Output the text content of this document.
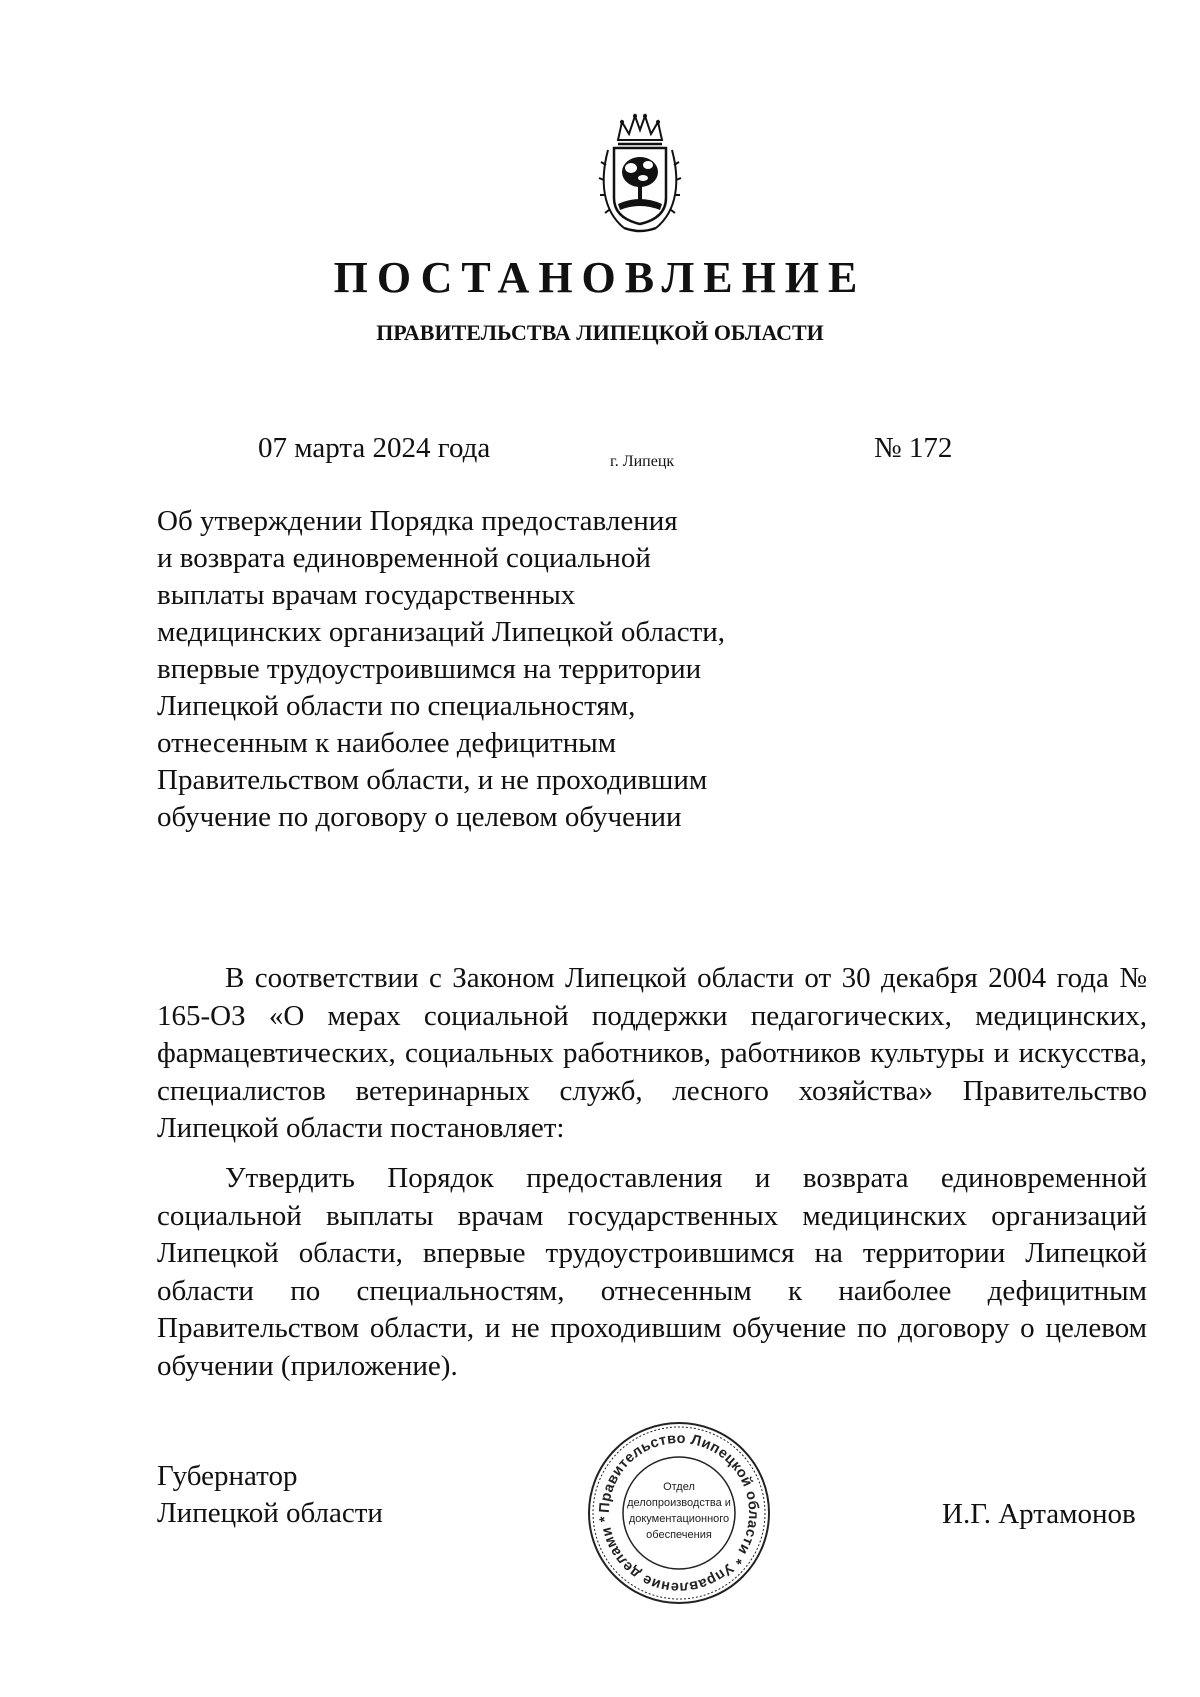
ПОСТАНОВЛЕНИЕ
ПРАВИТЕЛЬСТВА ЛИПЕЦКОЙ ОБЛАСТИ
07 марта 2024 года	г. Липецк	№ 172
Об утверждении Порядка предоставления
и возврата единовременной социальной
выплаты врачам государственных
медицинских организаций Липецкой области,
впервые трудоустроившимся на территории
Липецкой области по специальностям,
отнесенным к наиболее дефицитным
Правительством области, и не проходившим
обучение по договору о целевом обучении

В соответствии с Законом Липецкой области от 30 декабря 2004 года № 165-ОЗ «О мерах социальной поддержки педагогических, медицинских, фармацевтических, социальных работников, работников культуры и искусства, специалистов ветеринарных служб, лесного хозяйства» Правительство Липецкой области постановляет:

Утвердить Порядок предоставления и возврата единовременной социальной выплаты врачам государственных медицинских организаций Липецкой области, впервые трудоустроившимся на территории Липецкой области по специальностям, отнесенным к наиболее дефицитным Правительством области, и не проходившим обучение по договору о целевом обучении (приложение).

Губернатор
Липецкой области	Правительство Липецкой области * Управление делами *
Отдел
делопроизводства и
документационного
обеспечения
И.Г. Артамонов
